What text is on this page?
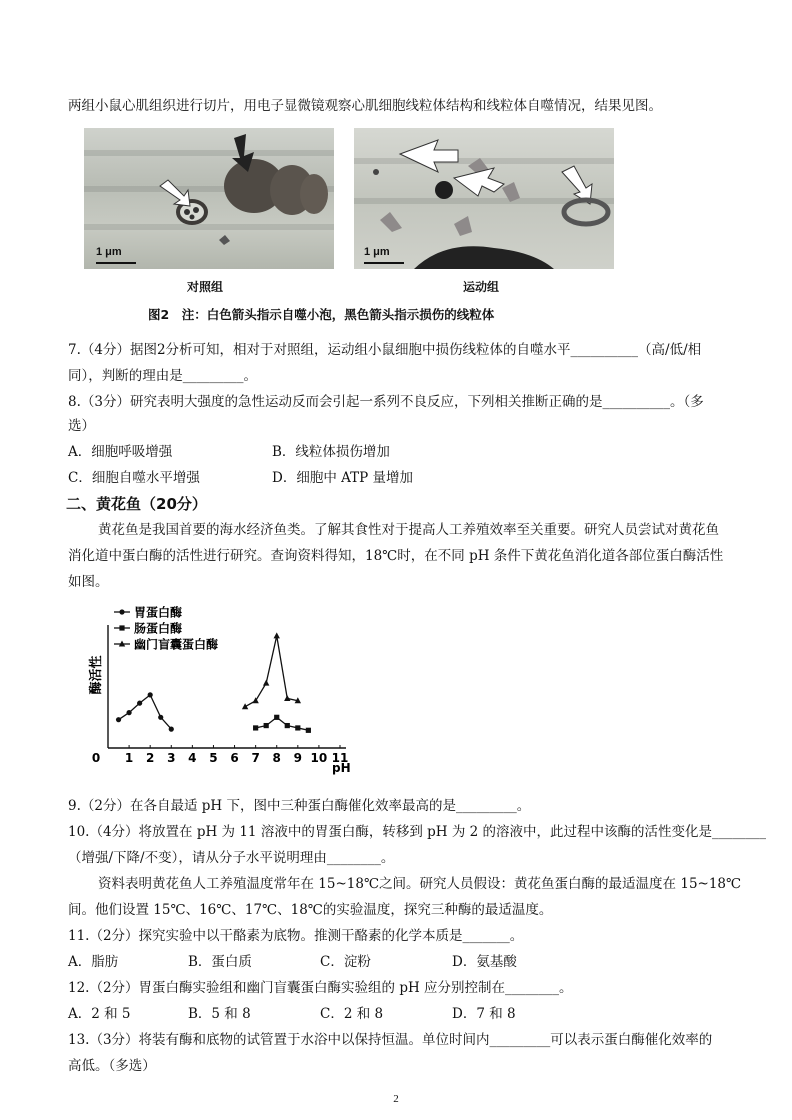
两组小鼠心肌组织进行切片，用电子显微镜观察心肌细胞线粒体结构和线粒体自噬情况，结果见图。
1 μm	1 μm
对照组	运动组
图2　注：白色箭头指示自噬小泡，黑色箭头指示损伤的线粒体
7.（4分）据图2分析可知，相对于对照组，运动组小鼠细胞中损伤线粒体的自噬水平__________（高/低/相
同），判断的理由是_________。
8.（3分）研究表明大强度的急性运动反而会引起一系列不良反应，下列相关推断正确的是__________。（多
选）
A．细胞呼吸增强	B．线粒体损伤增加
C．细胞自噬水平增强	D．细胞中 ATP 量增加
二、黄花鱼（20分）
黄花鱼是我国首要的海水经济鱼类。了解其食性对于提高人工养殖效率至关重要。研究人员尝试对黄花鱼
消化道中蛋白酶的活性进行研究。查询资料得知，18℃时，在不同 pH 条件下黄花鱼消化道各部位蛋白酶活性
如图。
胃蛋白酶
肠蛋白酶
幽门盲囊蛋白酶
酶活性
0 1 2 3 4 5 6 7 8 9 10 11
pH
9.（2分）在各自最适 pH 下，图中三种蛋白酶催化效率最高的是_________。
10.（4分）将放置在 pH 为 11 溶液中的胃蛋白酶，转移到 pH 为 2 的溶液中，此过程中该酶的活性变化是________
（增强/下降/不变），请从分子水平说明理由________。
资料表明黄花鱼人工养殖温度常年在 15~18℃之间。研究人员假设：黄花鱼蛋白酶的最适温度在 15~18℃
间。他们设置 15℃、16℃、17℃、18℃的实验温度，探究三种酶的最适温度。
11.（2分）探究实验中以干酪素为底物。推测干酪素的化学本质是_______。
A．脂肪	B．蛋白质	C．淀粉	D．氨基酸
12.（2分）胃蛋白酶实验组和幽门盲囊蛋白酶实验组的 pH 应分别控制在________。
A．2 和 5	B．5 和 8	C．2 和 8	D．7 和 8
13.（3分）将装有酶和底物的试管置于水浴中以保持恒温。单位时间内_________可以表示蛋白酶催化效率的
高低。（多选）
2
